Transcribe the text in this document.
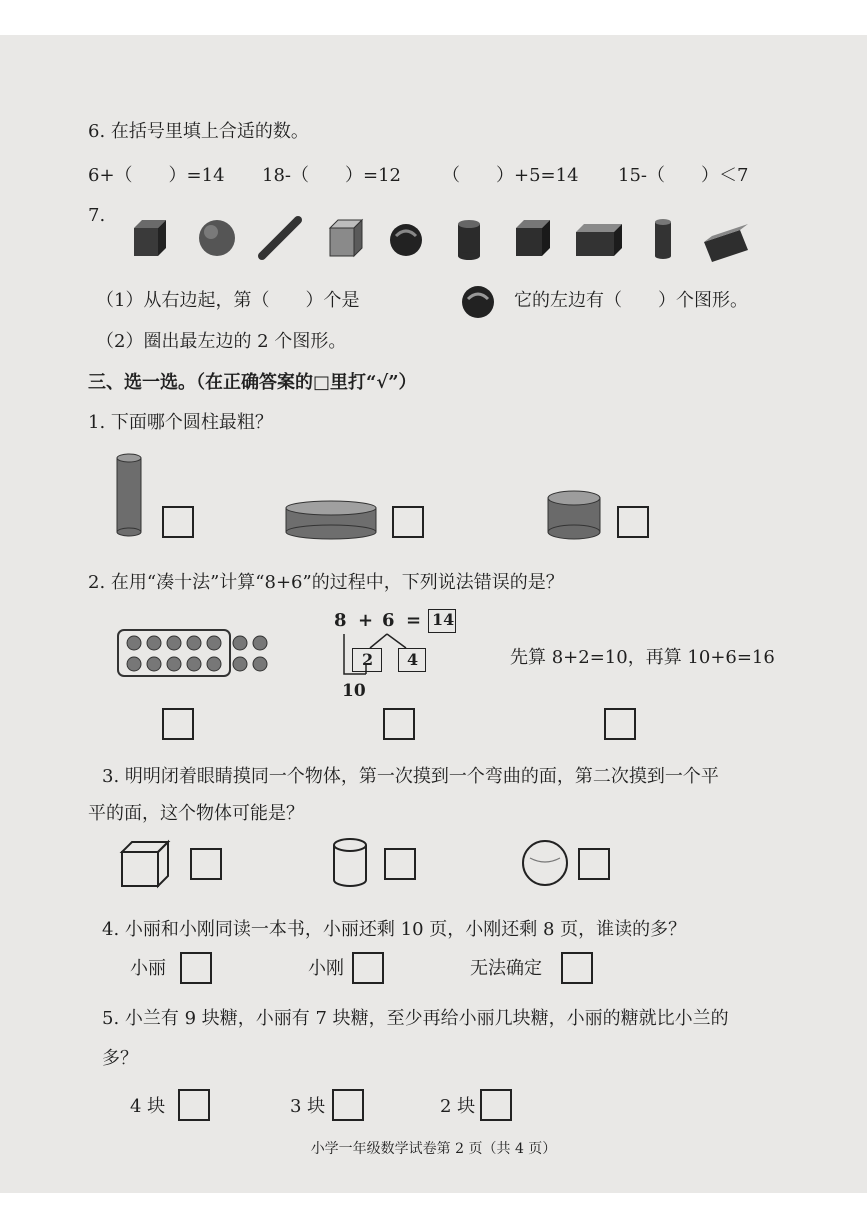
6. 在括号里填上合适的数。
6+（　　）=14 18-（　　）=12 （　　）+5=14 15-（　　）＜7
7.
（1）从右边起，第（　　）个是	它的左边有（　　）个图形。
（2）圈出最左边的 2 个图形。
三、选一选。（在正确答案的□里打“√”）
1. 下面哪个圆柱最粗？
2. 在用“凑十法”计算“8+6”的过程中，下列说法错误的是？
8 + 6 = 14
2 4
10
先算 8+2=10，再算 10+6=16
3. 明明闭着眼睛摸同一个物体，第一次摸到一个弯曲的面，第二次摸到一个平
平的面，这个物体可能是？
4. 小丽和小刚同读一本书，小丽还剩 10 页，小刚还剩 8 页，谁读的多？
小丽	小刚	无法确定
5. 小兰有 9 块糖，小丽有 7 块糖，至少再给小丽几块糖，小丽的糖就比小兰的
多？
4 块	3 块	2 块
小学一年级数学试卷第 2 页（共 4 页）
